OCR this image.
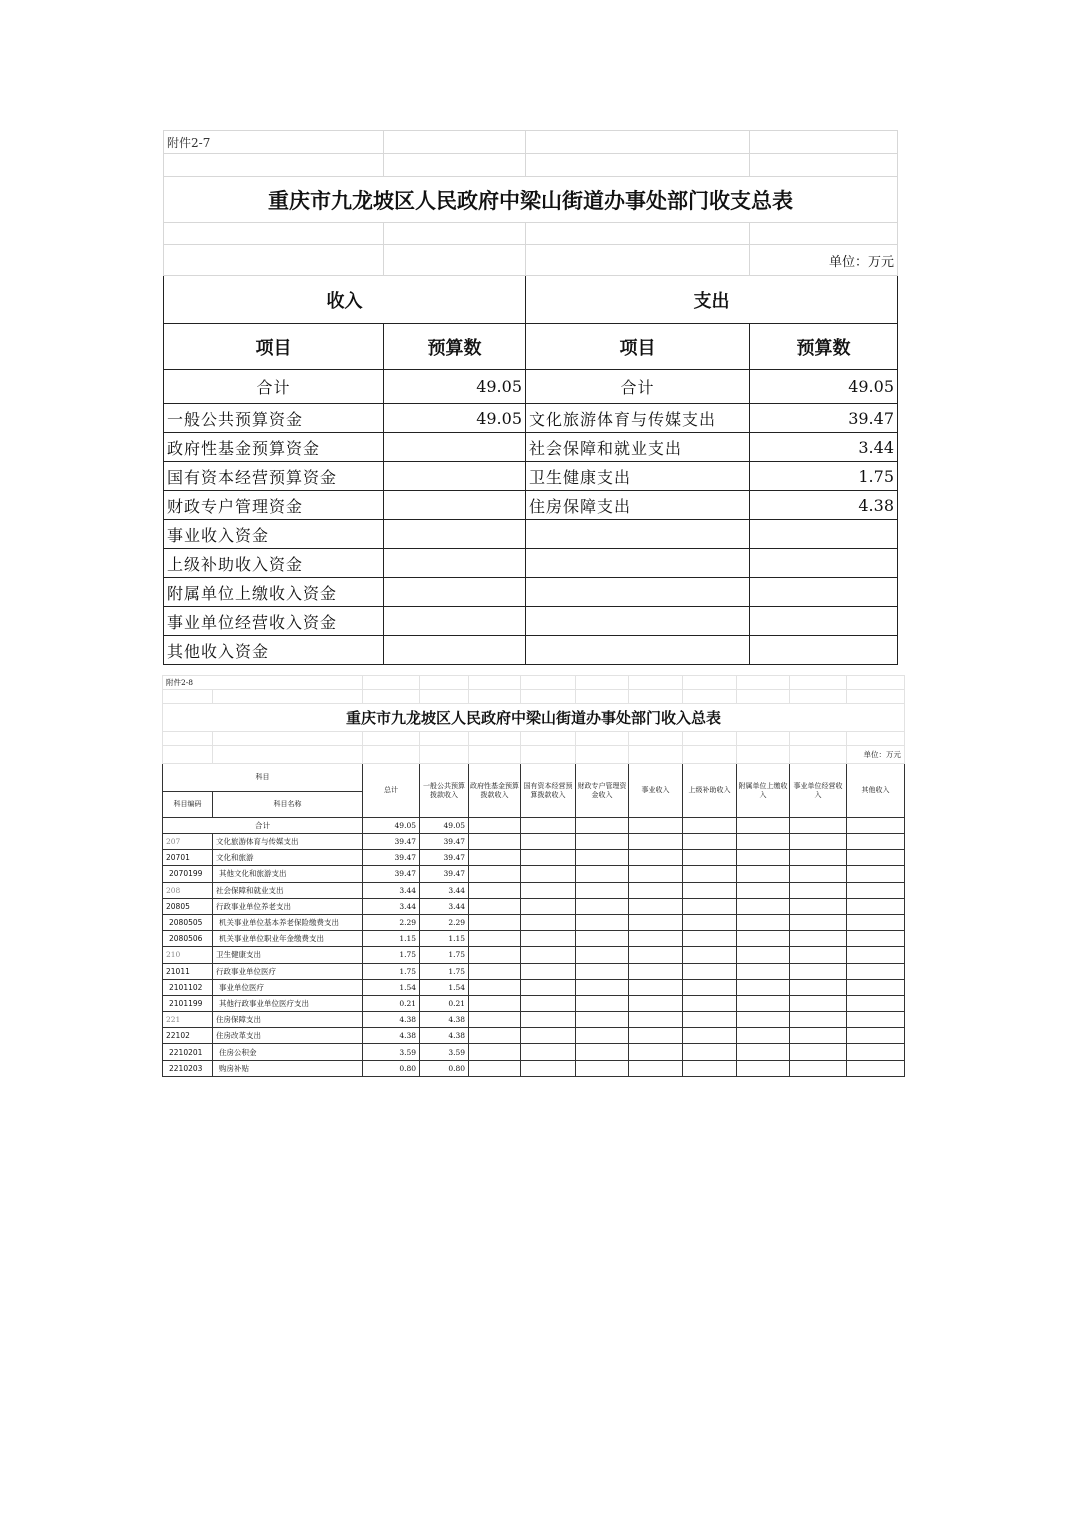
附件2-7			

重庆市九龙坡区人民政府中梁山街道办事处部门收支总表			

			单位：万元
收入		支出	
项目	预算数	项目	预算数
合计	49.05	合计	49.05
一般公共预算资金	49.05	文化旅游体育与传媒支出	39.47
政府性基金预算资金		社会保障和就业支出	3.44
国有资本经营预算资金		卫生健康支出	1.75
财政专户管理资金		住房保障支出	4.38
事业收入资金			
上级补助收入资金			
附属单位上缴收入资金			
事业单位经营收入资金			
其他收入资金			
附件2-8											

重庆市九龙坡区人民政府中梁山街道办事处部门收入总表											

											单位：万元
科目		总计	一般公共预算拨款收入	政府性基金预算拨款收入	国有资本经营预算拨款收入	财政专户管理资金收入	事业收入	上级补助收入	附属单位上缴收入	事业单位经营收入	其他收入
科目编码	科目名称										
合计		49.05	49.05								
207	文化旅游体育与传媒支出	39.47	39.47								
20701	文化和旅游	39.47	39.47								
2070199	其他文化和旅游支出	39.47	39.47								
208	社会保障和就业支出	3.44	3.44								
20805	行政事业单位养老支出	3.44	3.44								
2080505	机关事业单位基本养老保险缴费支出	2.29	2.29								
2080506	机关事业单位职业年金缴费支出	1.15	1.15								
210	卫生健康支出	1.75	1.75								
21011	行政事业单位医疗	1.75	1.75								
2101102	事业单位医疗	1.54	1.54								
2101199	其他行政事业单位医疗支出	0.21	0.21								
221	住房保障支出	4.38	4.38								
22102	住房改革支出	4.38	4.38								
2210201	住房公积金	3.59	3.59								
2210203	购房补贴	0.80	0.80								
